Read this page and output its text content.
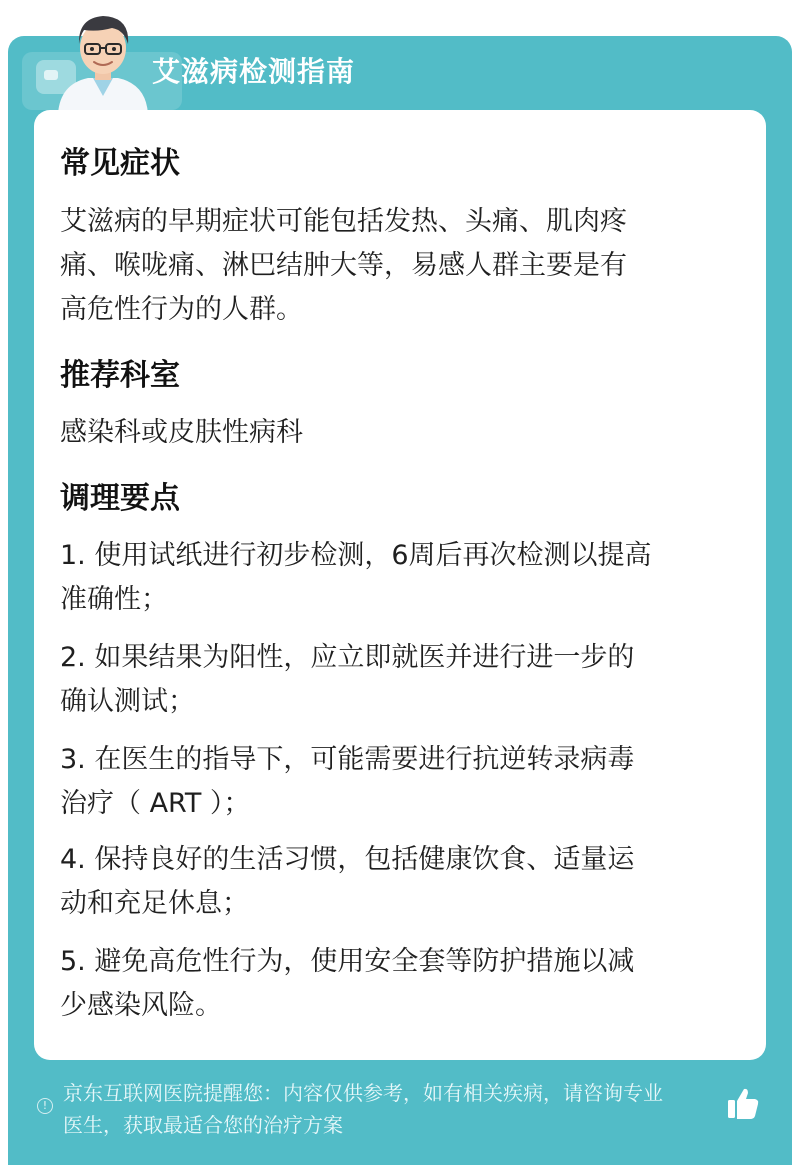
艾滋病检测指南
常见症状
艾滋病的早期症状可能包括发热、头痛、肌肉疼
痛、喉咙痛、淋巴结肿大等，易感人群主要是有
高危性行为的人群。
推荐科室
感染科或皮肤性病科
调理要点
1. 使用试纸进行初步检测，6周后再次检测以提高
准确性；
2. 如果结果为阳性，应立即就医并进行进一步的
确认测试；
3. 在医生的指导下，可能需要进行抗逆转录病毒
治疗（ ART ）；
4. 保持良好的生活习惯，包括健康饮食、适量运
动和充足休息；
5. 避免高危性行为，使用安全套等防护措施以减
少感染风险。
!
京东互联网医院提醒您：内容仅供参考，如有相关疾病，请咨询专业
医生，获取最适合您的治疗方案
